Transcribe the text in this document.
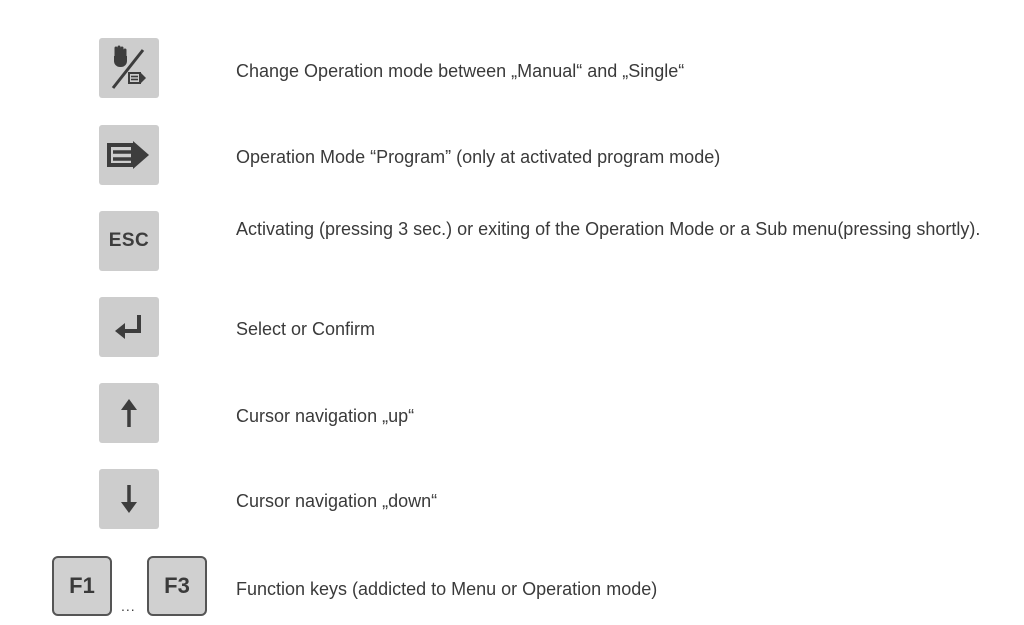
Change Operation mode between „Manual“ and „Single“
Operation Mode “Program” (only at activated program mode)
ESC
Activating (pressing 3 sec.) or exiting of the Operation Mode or a Sub menu(pressing shortly).
Select or Confirm
Cursor navigation „up“
Cursor navigation „down“
F1
...
F3	Function keys (addicted to Menu or Operation mode)
